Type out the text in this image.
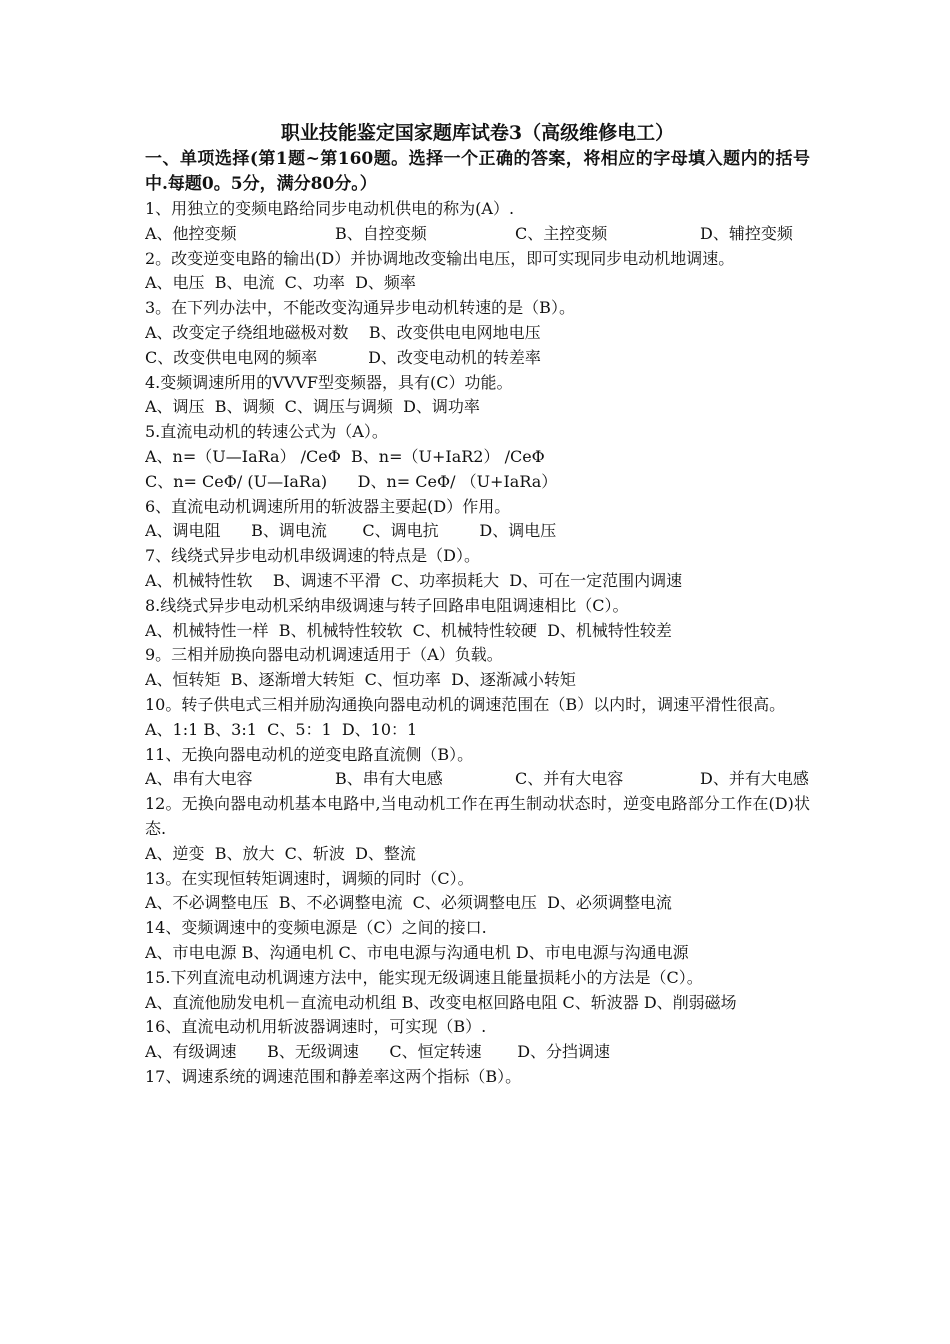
职业技能鉴定国家题库试卷3（高级维修电工）
一、单项选择(第1题~第160题。选择一个正确的答案，将相应的字母填入题内的括号中.每题0。5分，满分80分。）
1、用独立的变频电路给同步电动机供电的称为(A）.
A、他控变频	B、自控变频	C、主控变频	D、辅控变频
2。改变逆变电路的输出(D）并协调地改变输出电压，即可实现同步电动机地调速。
A、电压  B、电流  C、功率  D、频率
3。在下列办法中，不能改变沟通异步电动机转速的是（B）。
A、改变定子绕组地磁极对数    B、改变供电电网地电压
C、改变供电电网的频率          D、改变电动机的转差率
4.变频调速所用的VVVF型变频器，具有(C）功能。
A、调压  B、调频  C、调压与调频  D、调功率
5.直流电动机的转速公式为（A）。
A、n=（U—IaRa） /CeΦ  B、n=（U+IaR2） /CeΦ
C、n= CeΦ/ (U—IaRa)      D、n= CeΦ/ （U+IaRa）
6、直流电动机调速所用的斩波器主要起(D）作用。
A、调电阻      B、调电流       C、调电抗        D、调电压
7、线绕式异步电动机串级调速的特点是（D）。
A、机械特性软    B、调速不平滑  C、功率损耗大  D、可在一定范围内调速
8.线绕式异步电动机采纳串级调速与转子回路串电阻调速相比（C）。
A、机械特性一样  B、机械特性较软  C、机械特性较硬  D、机械特性较差
9。三相并励换向器电动机调速适用于（A）负载。
A、恒转矩  B、逐渐增大转矩  C、恒功率  D、逐渐减小转矩
10。转子供电式三相并励沟通换向器电动机的调速范围在（B）以内时，调速平滑性很高。
A、1:1 B、3:1  C、5：1  D、10：1
11、无换向器电动机的逆变电路直流侧（B）。
A、串有大电容	B、串有大电感	C、并有大电容	D、并有大电感
12。无换向器电动机基本电路中,当电动机工作在再生制动状态时，逆变电路部分工作在(D)状态.
A、逆变  B、放大  C、斩波  D、整流
13。在实现恒转矩调速时，调频的同时（C）。
A、不必调整电压  B、不必调整电流  C、必须调整电压  D、必须调整电流
14、变频调速中的变频电源是（C）之间的接口.
A、市电电源 B、沟通电机 C、市电电源与沟通电机 D、市电电源与沟通电源
15.下列直流电动机调速方法中，能实现无级调速且能量损耗小的方法是（C）。
A、直流他励发电机－直流电动机组 B、改变电枢回路电阻 C、斩波器 D、削弱磁场
16、直流电动机用斩波器调速时，可实现（B）.
A、有级调速      B、无级调速      C、恒定转速       D、分挡调速
17、调速系统的调速范围和静差率这两个指标（B）。
